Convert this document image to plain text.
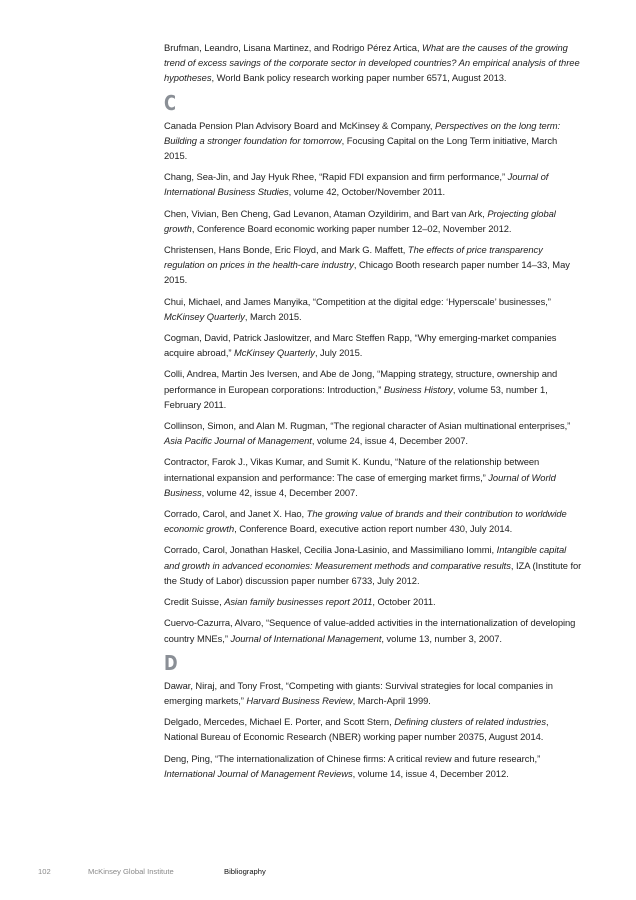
Brufman, Leandro, Lisana Martinez, and Rodrigo Pérez Artica, What are the causes of the growing trend of excess savings of the corporate sector in developed countries? An empirical analysis of three hypotheses, World Bank policy research working paper number 6571, August 2013.

C

Canada Pension Plan Advisory Board and McKinsey & Company, Perspectives on the long term: Building a stronger foundation for tomorrow, Focusing Capital on the Long Term initiative, March 2015.

Chang, Sea-Jin, and Jay Hyuk Rhee, “Rapid FDI expansion and firm performance,” Journal of International Business Studies, volume 42, October/November 2011.

Chen, Vivian, Ben Cheng, Gad Levanon, Ataman Ozyildirim, and Bart van Ark, Projecting global growth, Conference Board economic working paper number 12–02, November 2012.

Christensen, Hans Bonde, Eric Floyd, and Mark G. Maffett, The effects of price transparency regulation on prices in the health-care industry, Chicago Booth research paper number 14–33, May 2015.

Chui, Michael, and James Manyika, “Competition at the digital edge: ‘Hyperscale’ businesses,” McKinsey Quarterly, March 2015.

Cogman, David, Patrick Jaslowitzer, and Marc Steffen Rapp, “Why emerging-market companies acquire abroad,” McKinsey Quarterly, July 2015.

Colli, Andrea, Martin Jes Iversen, and Abe de Jong, “Mapping strategy, structure, ownership and performance in European corporations: Introduction,” Business History, volume 53, number 1, February 2011.

Collinson, Simon, and Alan M. Rugman, “The regional character of Asian multinational enterprises,” Asia Pacific Journal of Management, volume 24, issue 4, December 2007.

Contractor, Farok J., Vikas Kumar, and Sumit K. Kundu, “Nature of the relationship between international expansion and performance: The case of emerging market firms,” Journal of World Business, volume 42, issue 4, December 2007.

Corrado, Carol, and Janet X. Hao, The growing value of brands and their contribution to worldwide economic growth, Conference Board, executive action report number 430, July 2014.

Corrado, Carol, Jonathan Haskel, Cecilia Jona-Lasinio, and Massimiliano Iommi, Intangible capital and growth in advanced economies: Measurement methods and comparative results, IZA (Institute for the Study of Labor) discussion paper number 6733, July 2012.

Credit Suisse, Asian family businesses report 2011, October 2011.

Cuervo-Cazurra, Alvaro, “Sequence of value-added activities in the internationalization of developing country MNEs,” Journal of International Management, volume 13, number 3, 2007.

D

Dawar, Niraj, and Tony Frost, “Competing with giants: Survival strategies for local companies in emerging markets,” Harvard Business Review, March-April 1999.

Delgado, Mercedes, Michael E. Porter, and Scott Stern, Defining clusters of related industries, National Bureau of Economic Research (NBER) working paper number 20375, August 2014.

Deng, Ping, “The internationalization of Chinese firms: A critical review and future research,” International Journal of Management Reviews, volume 14, issue 4, December 2012.

102	McKinsey Global Institute	Bibliography
